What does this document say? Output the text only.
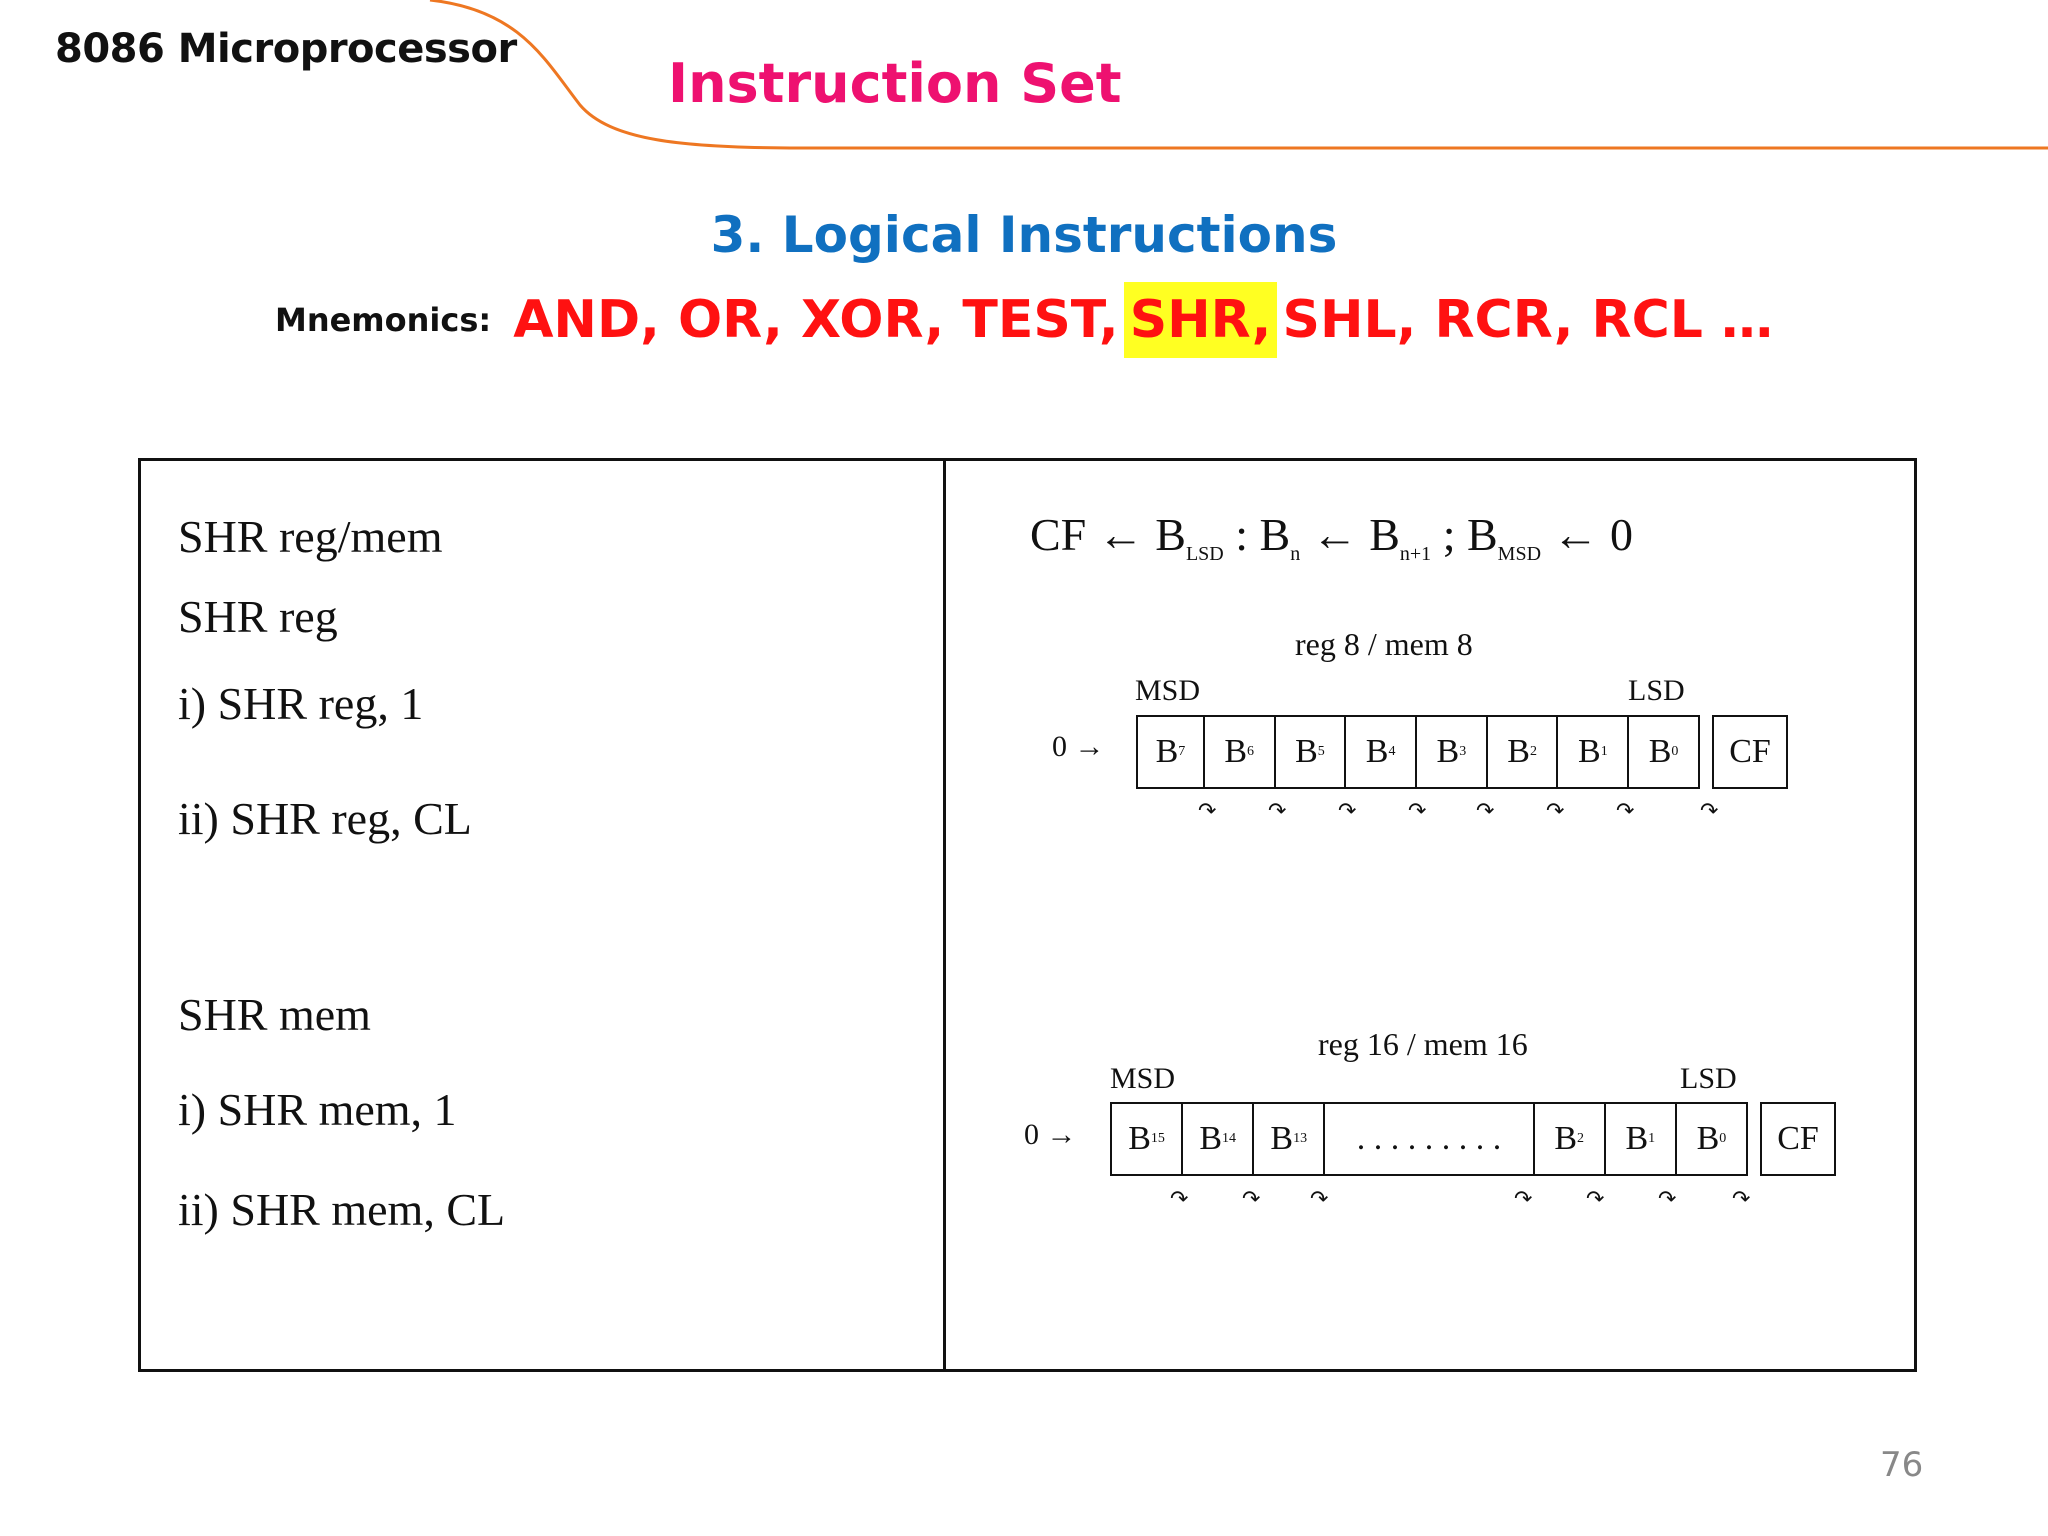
8086 Microprocessor
Instruction Set
3. Logical Instructions
Mnemonics: AND, OR, XOR, TEST, SHR, SHL, RCR, RCL …
SHR reg/mem
SHR reg
i) SHR reg, 1
ii) SHR reg, CL
SHR mem
i) SHR mem, 1
ii) SHR mem, CL
CF ← $B_{LSD}$ : $B_n$ ← $B_{n+1}$ ; $B_{MSD}$ ← 0
reg 8 / mem 8
MSD	LSD
0 → B 7 B 6 B 5 B 4 B 3 B 2 B 1 B 0	CF
↷ ↷ ↷ ↷ ↷ ↷ ↷	↷
reg 16 / mem 16
MSD	LSD
0 → B 15 B 14 B 13 . . . . . . . . . B 2 B 1 B 0	CF
↷ ↷ ↷	↷ ↷ ↷	↷
76
